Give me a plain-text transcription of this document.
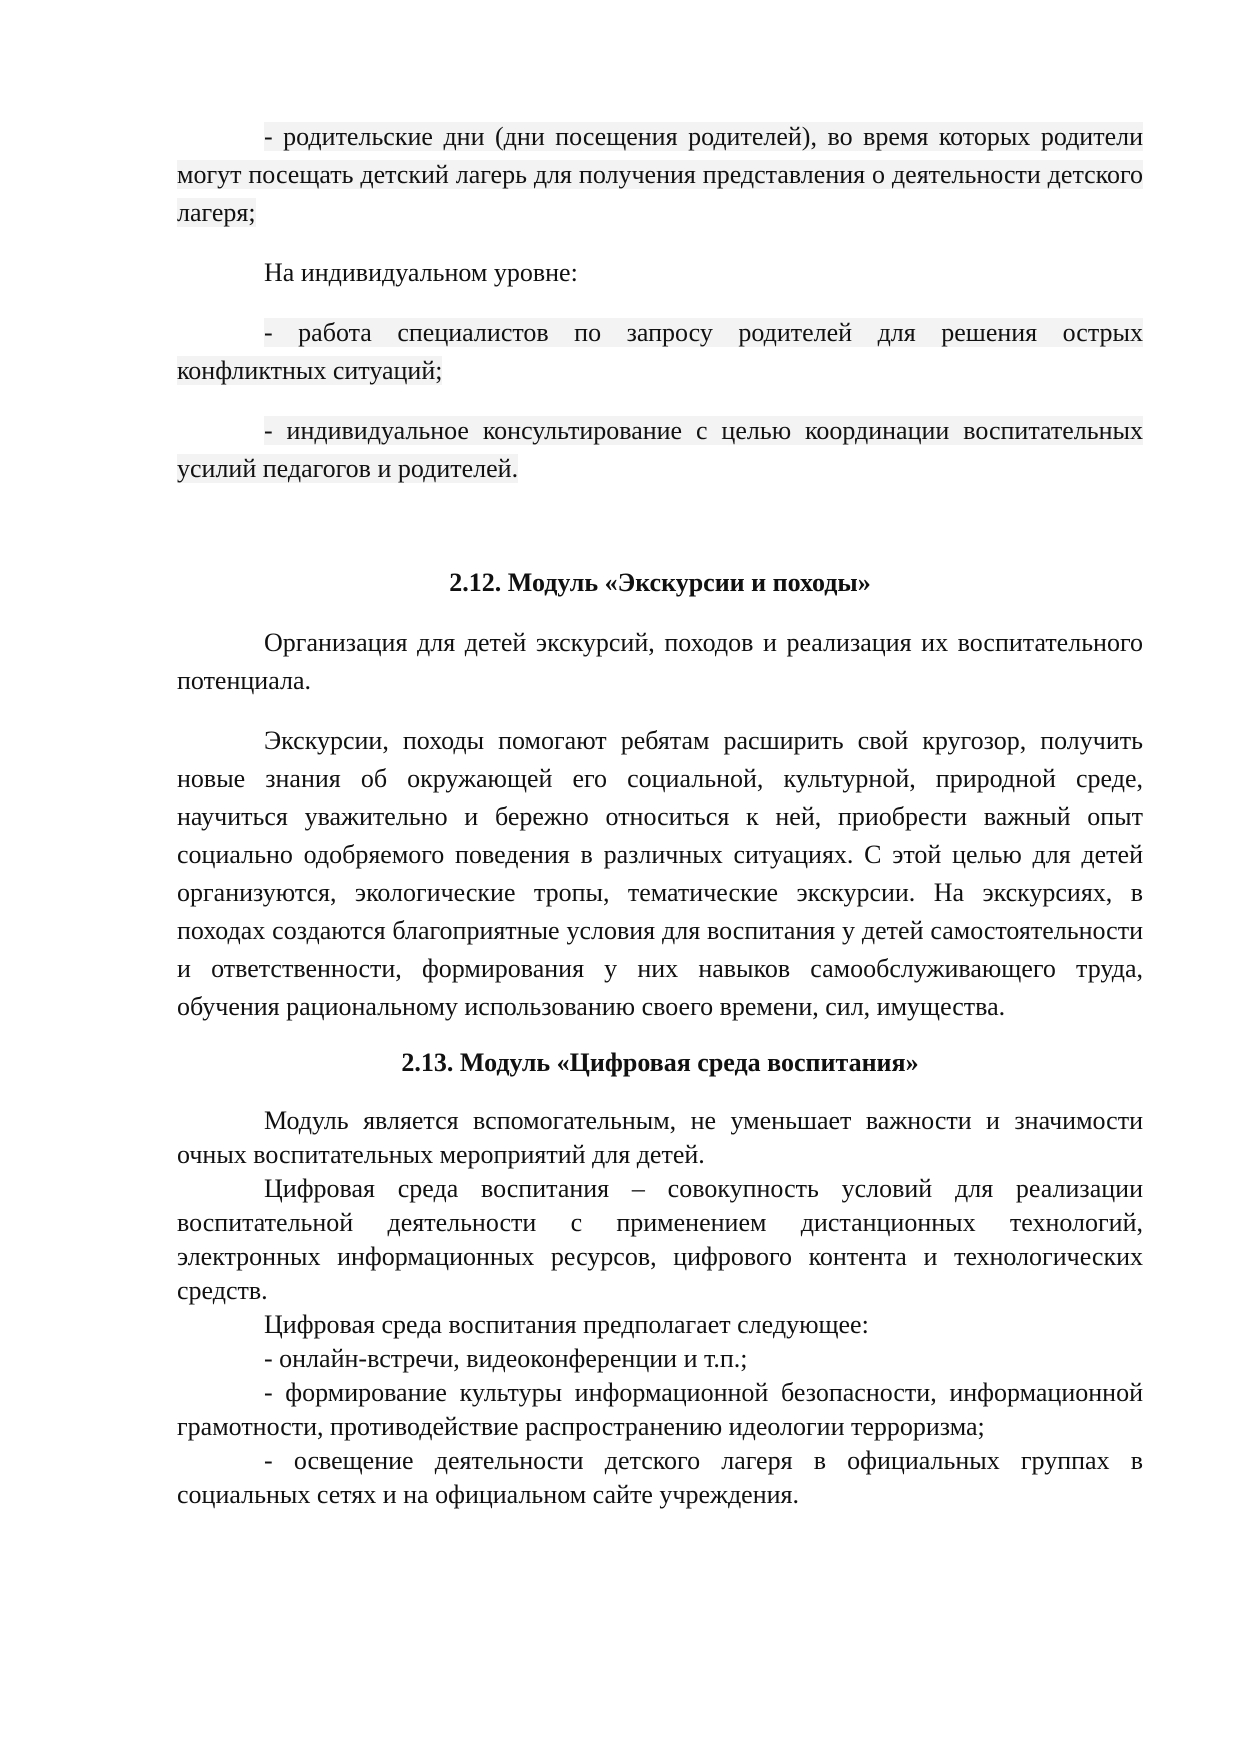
- родительские дни (дни посещения родителей), во время которых родители могут посещать детский лагерь для получения представления о деятельности детского лагеря;

На индивидуальном уровне:

- работа специалистов по запросу родителей для решения острых конфликтных ситуаций;

- индивидуальное консультирование с целью координации воспитательных усилий педагогов и родителей.

2.12. Модуль «Экскурсии и походы»

Организация для детей экскурсий, походов и реализация их воспитательного потенциала.

Экскурсии, походы помогают ребятам расширить свой кругозор, получить новые знания об окружающей его социальной, культурной, природной среде, научиться уважительно и бережно относиться к ней, приобрести важный опыт социально одобряемого поведения в различных ситуациях. С этой целью для детей организуются, экологические тропы, тематические экскурсии. На экскурсиях, в походах создаются благоприятные условия для воспитания у детей самостоятельности и ответственности, формирования у них навыков самообслуживающего труда, обучения рациональному использованию своего времени, сил, имущества.

2.13. Модуль «Цифровая среда воспитания»

Модуль является вспомогательным, не уменьшает важности и значимости очных воспитательных мероприятий для детей.

Цифровая среда воспитания – совокупность условий для реализации воспитательной деятельности с применением дистанционных технологий, электронных информационных ресурсов, цифрового контента и технологических средств.

Цифровая среда воспитания предполагает следующее:

- онлайн-встречи, видеоконференции и т.п.;

- формирование культуры информационной безопасности, информационной грамотности, противодействие распространению идеологии терроризма;

- освещение деятельности детского лагеря в официальных группах в социальных сетях и на официальном сайте учреждения.
